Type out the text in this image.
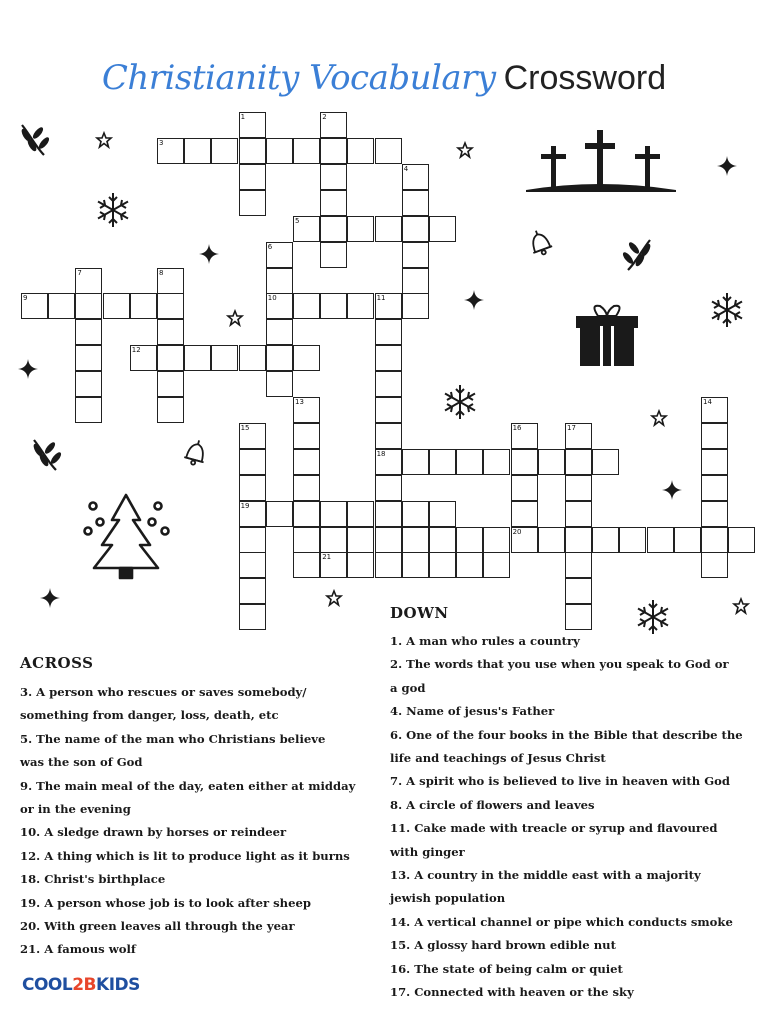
Christianity Vocabulary Crossword
1	2
3
4
5
6
7	8
9	10	11
12
13	14
15	16	17
18
19
20
21
DOWN
1. A man who rules a country
2. The words that you use when you speak to God or
a god
4. Name of jesus's Father
6. One of the four books in the Bible that describe the
life and teachings of Jesus Christ
7. A spirit who is believed to live in heaven with God
8. A circle of flowers and leaves
11. Cake made with treacle or syrup and flavoured
with ginger
13. A country in the middle east with a majority
jewish population
14. A vertical channel or pipe which conducts smoke
15. A glossy hard brown edible nut
16. The state of being calm or quiet
17. Connected with heaven or the sky
ACROSS
3. A person who rescues or saves somebody/
something from danger, loss, death, etc
5. The name of the man who Christians believe
was the son of God
9. The main meal of the day, eaten either at midday
or in the evening
10. A sledge drawn by horses or reindeer
12. A thing which is lit to produce light as it burns
18. Christ's birthplace
19. A person whose job is to look after sheep
20. With green leaves all through the year
21. A famous wolf
COOL2BKIDS
